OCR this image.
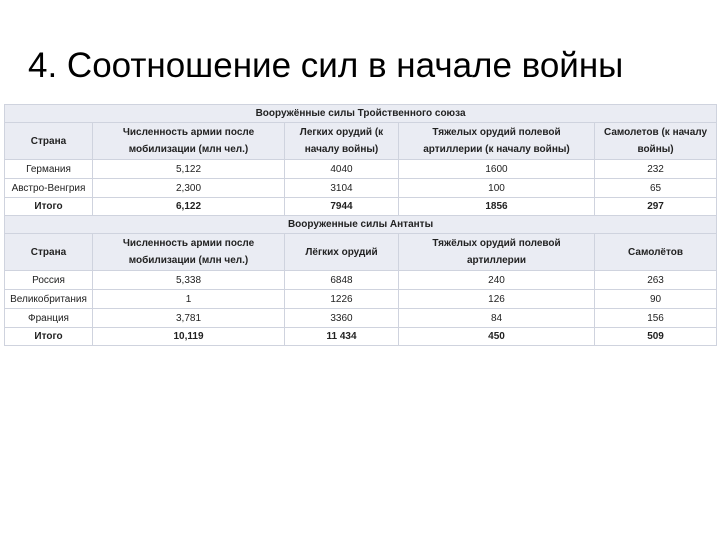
4. Соотношение сил в начале войны
Вооружённые силы Тройственного союза				
Страна	Численность армии после мобилизации (млн чел.)	Легких орудий (к началу войны)	Тяжелых орудий полевой артиллерии (к началу войны)	Самолетов (к началу войны)
Германия	5,122	4040	1600	232
Австро-Венгрия	2,300	3104	100	65
Итого	6,122	7944	1856	297
Вооруженные силы Антанты				
Страна	Численность армии после мобилизации (млн чел.)	Лёгких орудий	Тяжёлых орудий полевой артиллерии	Самолётов
Россия	5,338	6848	240	263
Великобритания	1	1226	126	90
Франция	3,781	3360	84	156
Итого	10,119	11 434	450	509
